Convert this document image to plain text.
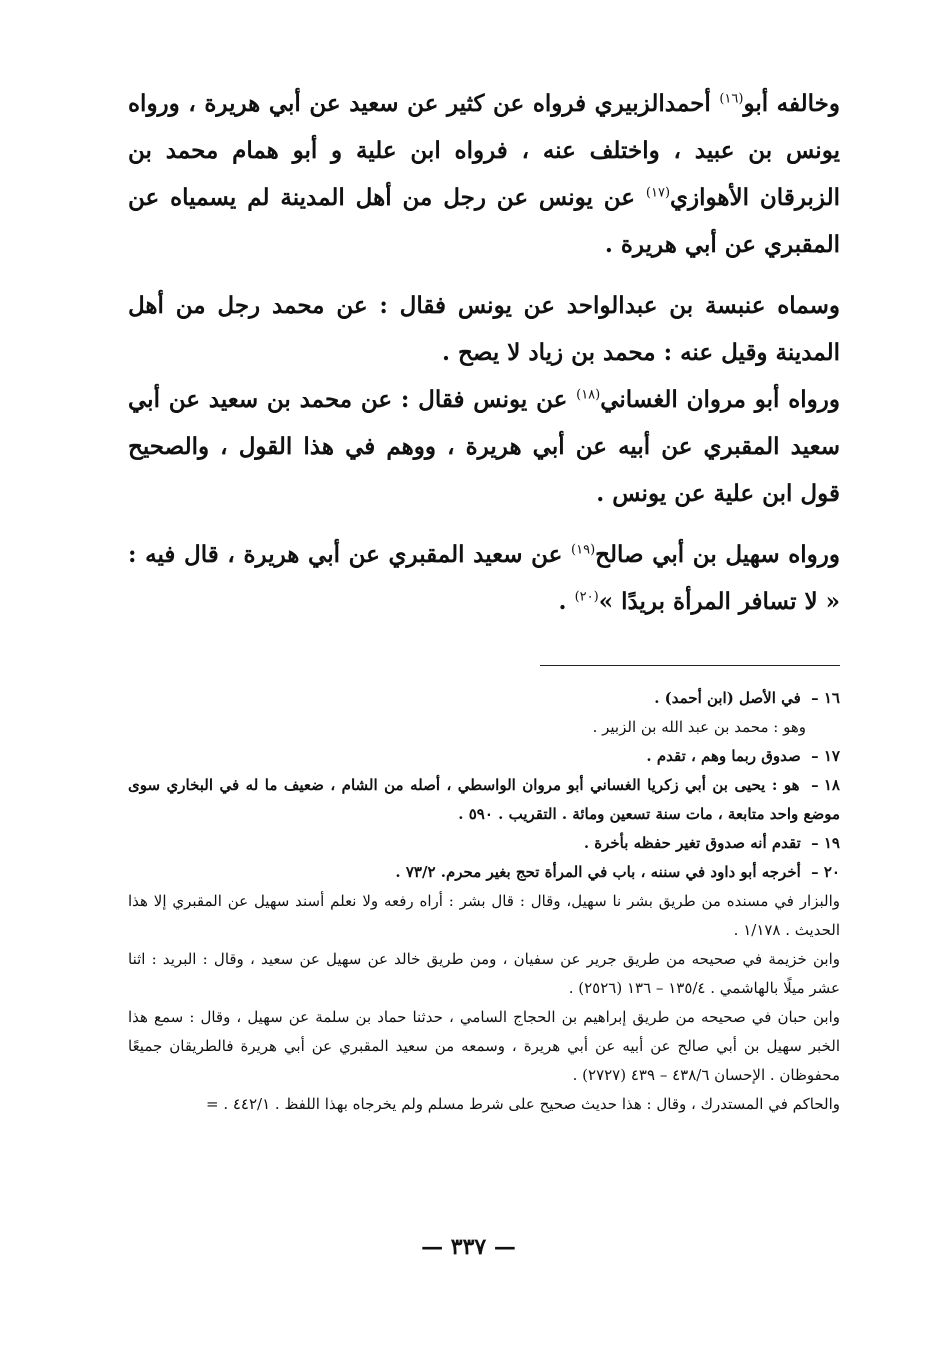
وخالفه أبو$^{(١٦)}$ أحمدالزبيري فرواه عن كثير عن سعيد عن أبي هريرة ، ورواه يونس بن عبيد ، واختلف عنه ، فرواه ابن علية و أبو همام محمد بن الزبرقان الأهوازي$^{(١٧)}$ عن يونس عن رجل من أهل المدينة لم يسمياه عن المقبري عن أبي هريرة .

وسماه عنبسة بن عبدالواحد عن يونس فقال : عن محمد رجل من أهل المدينة وقيل عنه : محمد بن زياد لا يصح .

ورواه أبو مروان الغساني$^{(١٨)}$ عن يونس فقال : عن محمد بن سعيد عن أبي سعيد المقبري عن أبيه عن أبي هريرة ، ووهم في هذا القول ، والصحيح قول ابن علية عن يونس .

ورواه سهيل بن أبي صالح$^{(١٩)}$ عن سعيد المقبري عن أبي هريرة ، قال فيه : « لا تسافر المرأة بريدًا »$^{(٢٠)}$ .

١٦ – في الأصل (ابن أحمد) .

وهو : محمد بن عبد الله بن الزبير .

١٧ – صدوق ربما وهم ، تقدم .

١٨ – هو : يحيى بن أبي زكريا الغساني أبو مروان الواسطي ، أصله من الشام ، ضعيف ما له في البخاري سوى موضع واحد متابعة ، مات سنة تسعين ومائة . التقريب . ٥٩٠ .

١٩ – تقدم أنه صدوق تغير حفظه بأخرة .

٢٠ – أخرجه أبو داود في سننه ، باب في المرأة تحج بغير محرم. ٧٣/٢ .

والبزار في مسنده من طريق بشر نا سهيل، وقال : قال بشر : أراه رفعه ولا نعلم أسند سهيل عن المقبري إلا هذا الحديث . ١/١٧٨ .

وابن خزيمة في صحيحه من طريق جرير عن سفيان ، ومن طريق خالد عن سهيل عن سعيد ، وقال : البريد : اثنا عشر ميلًا بالهاشمي . ١٣٥/٤ – ١٣٦ (٢٥٢٦) .

وابن حبان في صحيحه من طريق إبراهيم بن الحجاج السامي ، حدثنا حماد بن سلمة عن سهيل ، وقال : سمع هذا الخبر سهيل بن أبي صالح عن أبيه عن أبي هريرة ، وسمعه من سعيد المقبري عن أبي هريرة فالطريقان جميعًا محفوظان . الإحسان ٤٣٨/٦ – ٤٣٩ (٢٧٢٧) .

والحاكم في المستدرك ، وقال : هذا حديث صحيح على شرط مسلم ولم يخرجاه بهذا اللفظ . ٤٤٢/١ . =

— ٣٣٧ —
